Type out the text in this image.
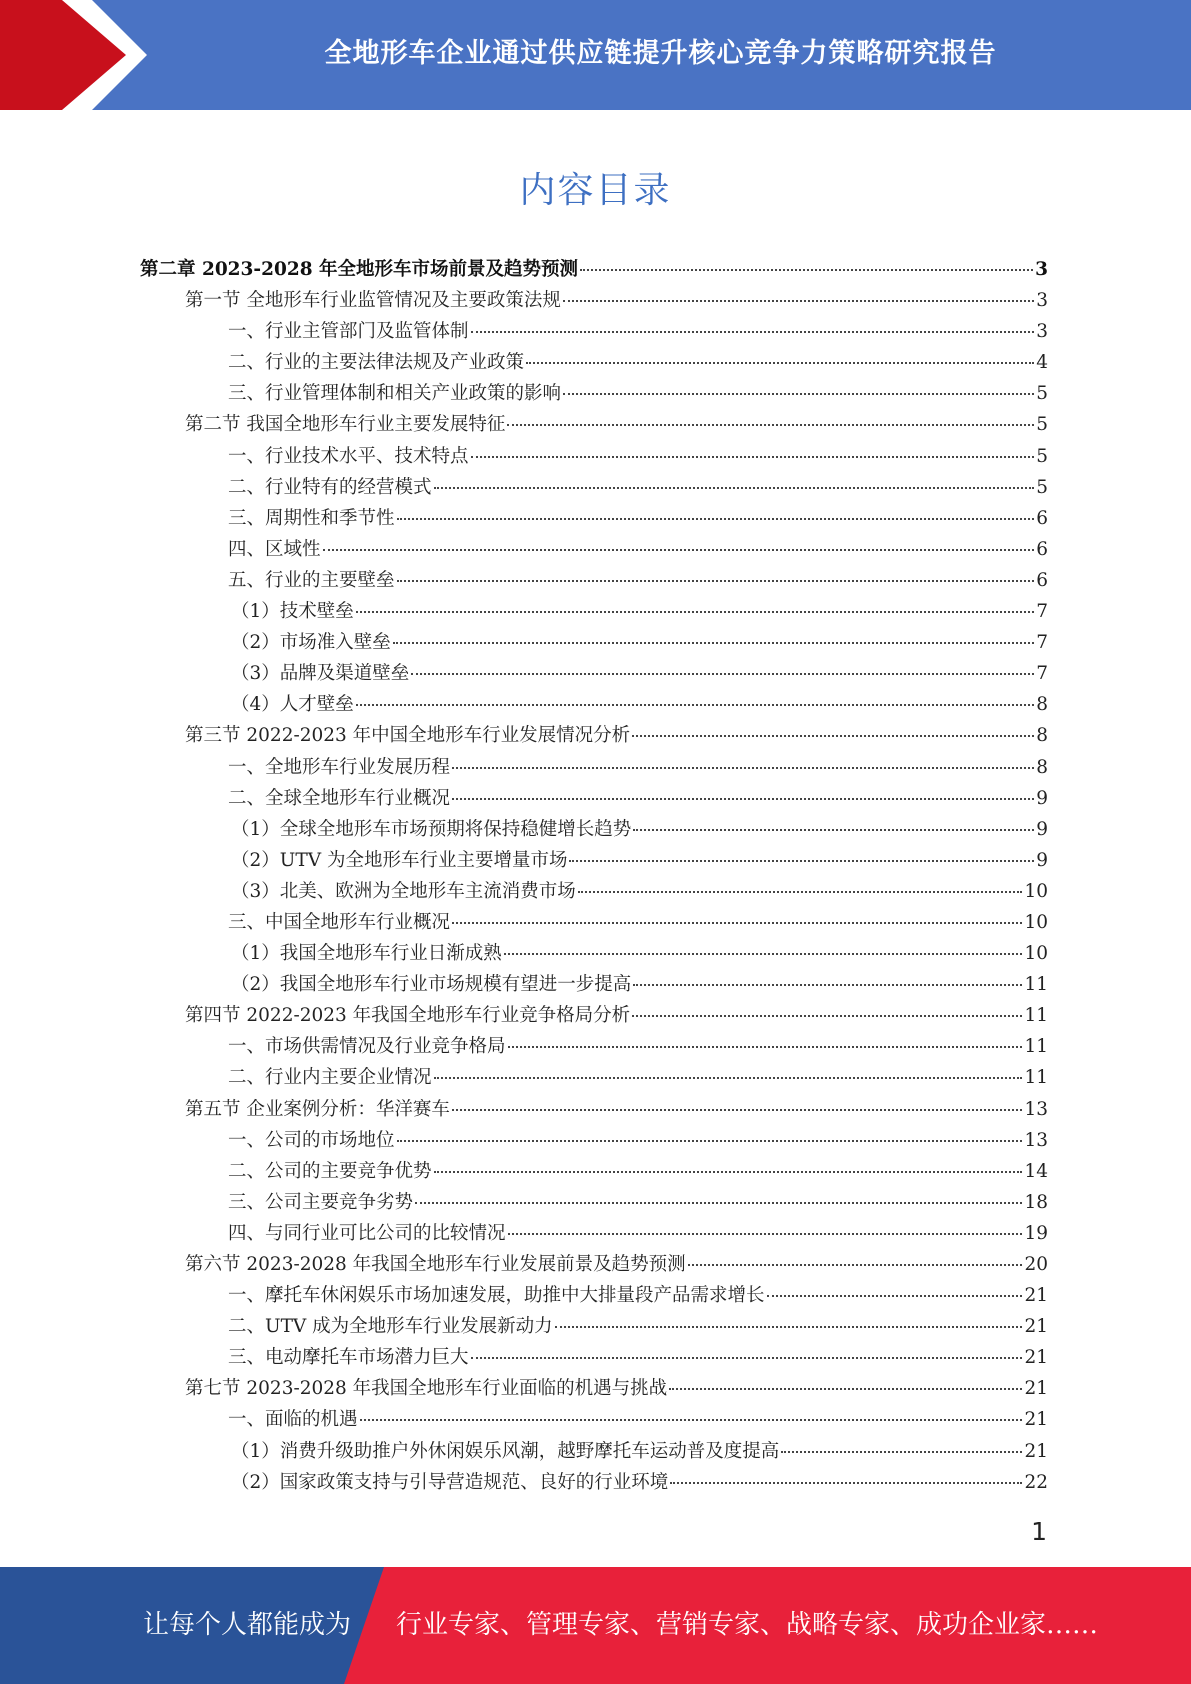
全地形车企业通过供应链提升核心竞争力策略研究报告
内容目录
第二章 2023-2028 年全地形车市场前景及趋势预测	3
第一节 全地形车行业监管情况及主要政策法规	3
一、行业主管部门及监管体制	3
二、行业的主要法律法规及产业政策	4
三、行业管理体制和相关产业政策的影响	5
第二节 我国全地形车行业主要发展特征	5
一、行业技术水平、技术特点	5
二、行业特有的经营模式	5
三、周期性和季节性	6
四、区域性	6
五、行业的主要壁垒	6
（1）技术壁垒	7
（2）市场准入壁垒	7
（3）品牌及渠道壁垒	7
（4）人才壁垒	8
第三节 2022-2023 年中国全地形车行业发展情况分析	8
一、全地形车行业发展历程	8
二、全球全地形车行业概况	9
（1）全球全地形车市场预期将保持稳健增长趋势	9
（2）UTV 为全地形车行业主要增量市场	9
（3）北美、欧洲为全地形车主流消费市场	10
三、中国全地形车行业概况	10
（1）我国全地形车行业日渐成熟	10
（2）我国全地形车行业市场规模有望进一步提高	11
第四节 2022-2023 年我国全地形车行业竞争格局分析	11
一、市场供需情况及行业竞争格局	11
二、行业内主要企业情况	11
第五节 企业案例分析：华洋赛车	13
一、公司的市场地位	13
二、公司的主要竞争优势	14
三、公司主要竞争劣势	18
四、与同行业可比公司的比较情况	19
第六节 2023-2028 年我国全地形车行业发展前景及趋势预测	20
一、摩托车休闲娱乐市场加速发展，助推中大排量段产品需求增长	21
二、UTV 成为全地形车行业发展新动力	21
三、电动摩托车市场潜力巨大	21
第七节 2023-2028 年我国全地形车行业面临的机遇与挑战	21
一、面临的机遇	21
（1）消费升级助推户外休闲娱乐风潮，越野摩托车运动普及度提高	21
（2）国家政策支持与引导营造规范、良好的行业环境	22
1
让每个人都能成为 行业专家、管理专家、营销专家、战略专家、成功企业家……
